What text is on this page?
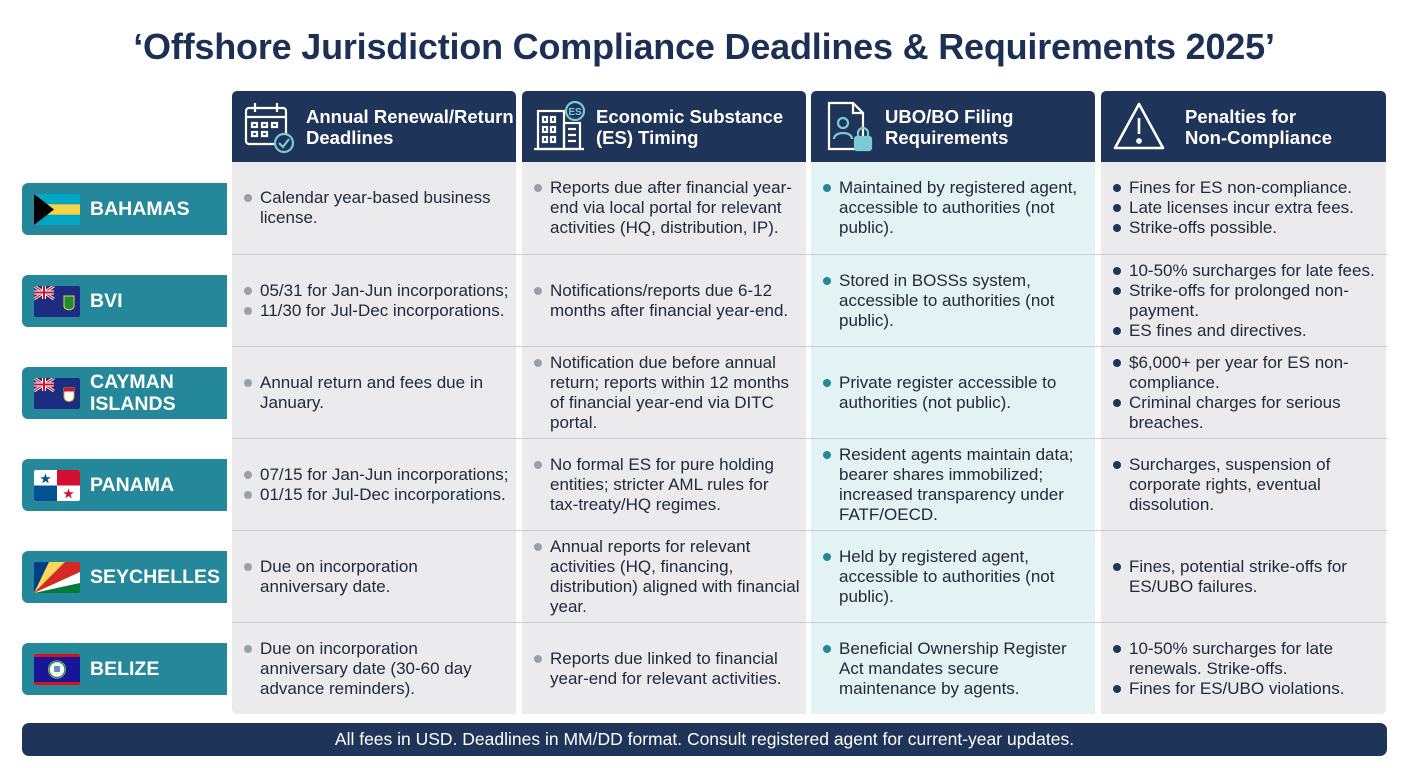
‘Offshore Jurisdiction Compliance Deadlines & Requirements 2025’
Annual Renewal/Return
Deadlines
ES Economic Substance
(ES) Timing
UBO/BO Filing
Requirements
Penalties for
Non-Compliance
BAHAMAS
BVI
CAYMAN
ISLANDS
PANAMA
SEYCHELLES
BELIZE
Calendar year-based business license.
Reports due after financial year-end via local portal for relevant activities (HQ, distribution, IP).
Maintained by registered agent, accessible to authorities (not public).
Fines for ES non-compliance.
Late licenses incur extra fees.
Strike-offs possible.
05/31 for Jan-Jun incorporations;
11/30 for Jul-Dec incorporations.
Notifications/reports due 6-12 months after financial year-end.
Stored in BOSSs system, accessible to authorities (not public).
10-50% surcharges for late fees.
Strike-offs for prolonged non-payment.
ES fines and directives.
Annual return and fees due in January.
Notification due before annual return; reports within 12 months of financial year-end via DITC portal.
Private register accessible to authorities (not public).
$6,000+ per year for ES non-compliance.
Criminal charges for serious breaches.
07/15 for Jan-Jun incorporations;
01/15 for Jul-Dec incorporations.
No formal ES for pure holding entities; stricter AML rules for tax-treaty/HQ regimes.
Resident agents maintain data; bearer shares immobilized; increased transparency under FATF/OECD.
Surcharges, suspension of corporate rights, eventual dissolution.
Due on incorporation anniversary date.
Annual reports for relevant activities (HQ, financing, distribution) aligned with financial year.
Held by registered agent, accessible to authorities (not public).
Fines, potential strike-offs for ES/UBO failures.
Due on incorporation anniversary date (30-60 day advance reminders).
Reports due linked to financial year-end for relevant activities.
Beneficial Ownership Register Act mandates secure maintenance by agents.
10-50% surcharges for late renewals. Strike-offs.
Fines for ES/UBO violations.
All fees in USD. Deadlines in MM/DD format. Consult registered agent for current-year updates.
